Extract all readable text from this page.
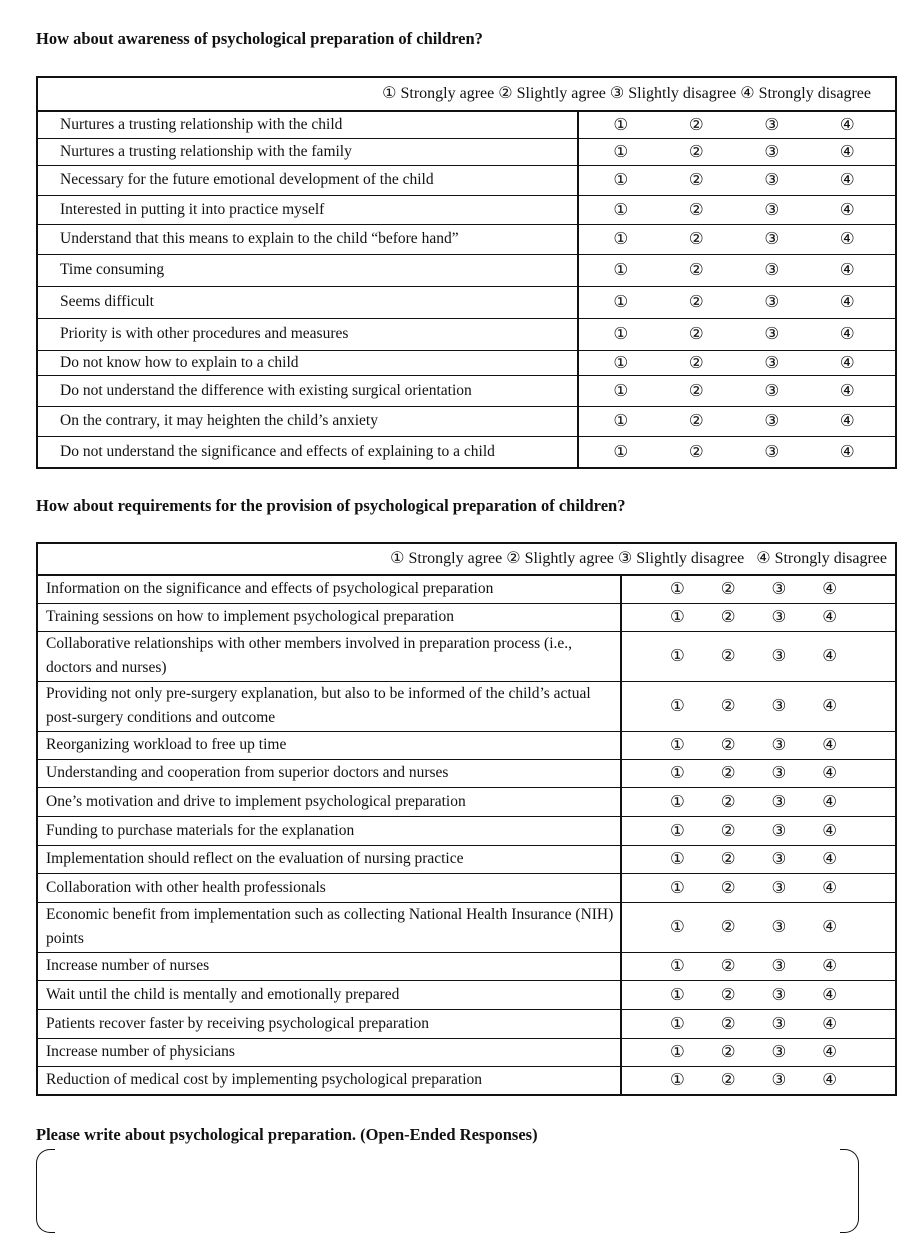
How about awareness of psychological preparation of children?
① Strongly agree ② Slightly agree ③ Slightly disagree ④ Strongly disagree	
Nurtures a trusting relationship with the child	① ② ③ ④

Nurtures a trusting relationship with the family	① ② ③ ④

Necessary for the future emotional development of the child	① ② ③ ④

Interested in putting it into practice myself	① ② ③ ④

Understand that this means to explain to the child “before hand”	① ② ③ ④

Time consuming	① ② ③ ④

Seems difficult	① ② ③ ④

Priority is with other procedures and measures	① ② ③ ④

Do not know how to explain to a child	① ② ③ ④

Do not understand the difference with existing surgical orientation	① ② ③ ④

On the contrary, it may heighten the child’s anxiety	① ② ③ ④

Do not understand the significance and effects of explaining to a child	① ② ③ ④
How about requirements for the provision of psychological preparation of children?
① Strongly agree ② Slightly agree ③ Slightly disagree   ④ Strongly disagree	
Information on the significance and effects of psychological preparation	① ② ③ ④

Training sessions on how to implement psychological preparation	① ② ③ ④

Collaborative relationships with other members involved in preparation process (i.e., doctors and nurses)	① ② ③ ④

Providing not only pre-surgery explanation, but also to be informed of the child’s actual post-surgery conditions and outcome	① ② ③ ④

Reorganizing workload to free up time	① ② ③ ④

Understanding and cooperation from superior doctors and nurses	① ② ③ ④

One’s motivation and drive to implement psychological preparation	① ② ③ ④

Funding to purchase materials for the explanation	① ② ③ ④

Implementation should reflect on the evaluation of nursing practice	① ② ③ ④

Collaboration with other health professionals	① ② ③ ④

Economic benefit from implementation such as collecting National Health Insurance (NIH) points	① ② ③ ④

Increase number of nurses	① ② ③ ④

Wait until the child is mentally and emotionally prepared	① ② ③ ④

Patients recover faster by receiving psychological preparation	① ② ③ ④

Increase number of physicians	① ② ③ ④

Reduction of medical cost by implementing psychological preparation	① ② ③ ④
Please write about psychological preparation. (Open-Ended Responses)
